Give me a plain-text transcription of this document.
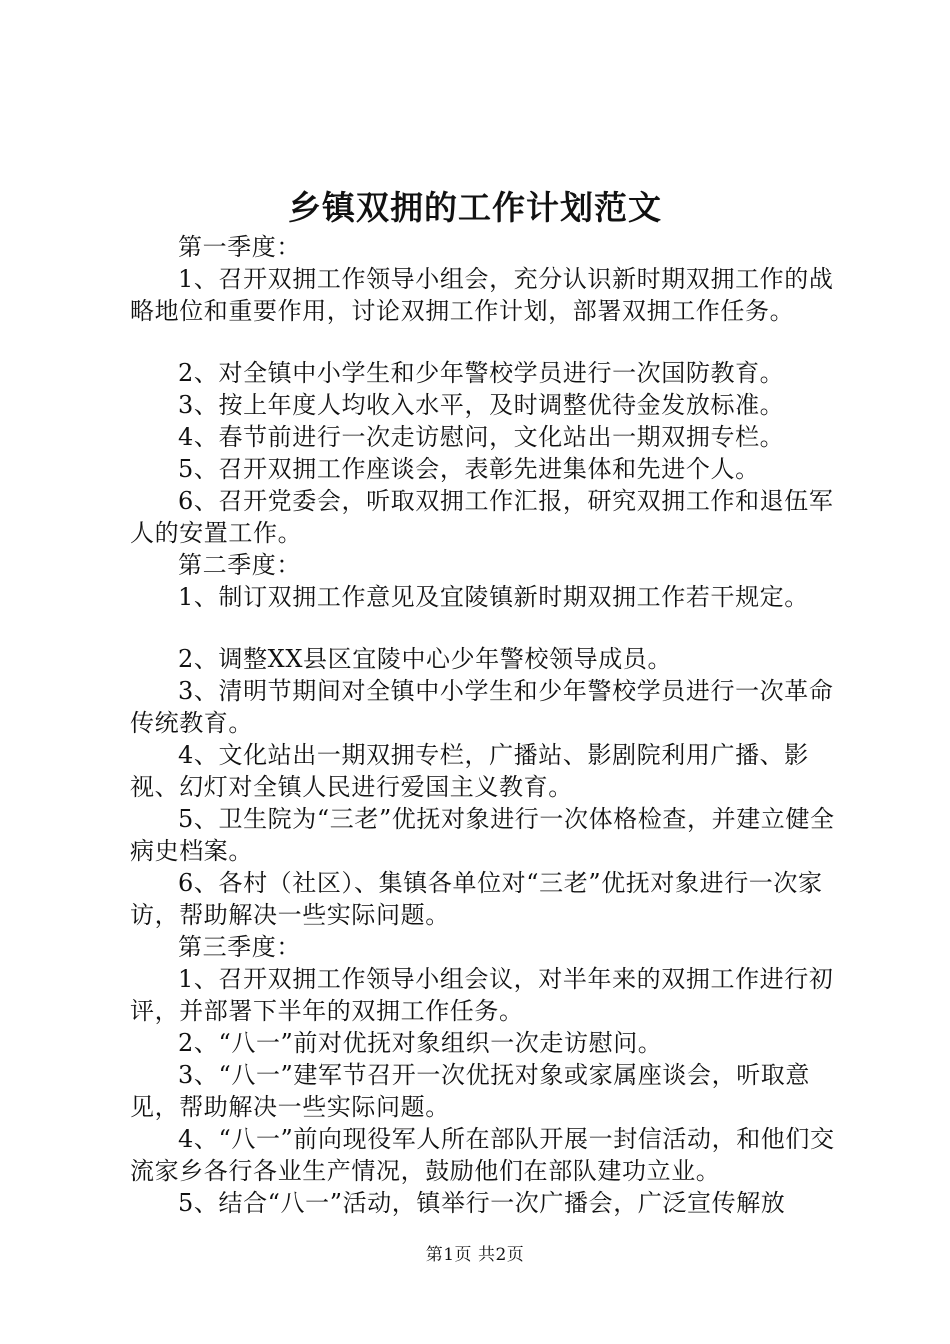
乡镇双拥的工作计划范文

第一季度：

1、召开双拥工作领导小组会，充分认识新时期双拥工作的战略地位和重要作用，讨论双拥工作计划，部署双拥工作任务。

2、对全镇中小学生和少年警校学员进行一次国防教育。

3、按上年度人均收入水平，及时调整优待金发放标准。

4、春节前进行一次走访慰问，文化站出一期双拥专栏。

5、召开双拥工作座谈会，表彰先进集体和先进个人。

6、召开党委会，听取双拥工作汇报，研究双拥工作和退伍军人的安置工作。

第二季度：

1、制订双拥工作意见及宜陵镇新时期双拥工作若干规定。

2、调整XX县区宜陵中心少年警校领导成员。

3、清明节期间对全镇中小学生和少年警校学员进行一次革命传统教育。

4、文化站出一期双拥专栏，广播站、影剧院利用广播、影视、幻灯对全镇人民进行爱国主义教育。

5、卫生院为“三老”优抚对象进行一次体格检查，并建立健全病史档案。

6、各村（社区）、集镇各单位对“三老”优抚对象进行一次家访，帮助解决一些实际问题。

第三季度：

1、召开双拥工作领导小组会议，对半年来的双拥工作进行初评，并部署下半年的双拥工作任务。

2、“八一”前对优抚对象组织一次走访慰问。

3、“八一”建军节召开一次优抚对象或家属座谈会，听取意见，帮助解决一些实际问题。

4、“八一”前向现役军人所在部队开展一封信活动，和他们交流家乡各行各业生产情况，鼓励他们在部队建功立业。

5、结合“八一”活动，镇举行一次广播会，广泛宣传解放

第1页 共2页
